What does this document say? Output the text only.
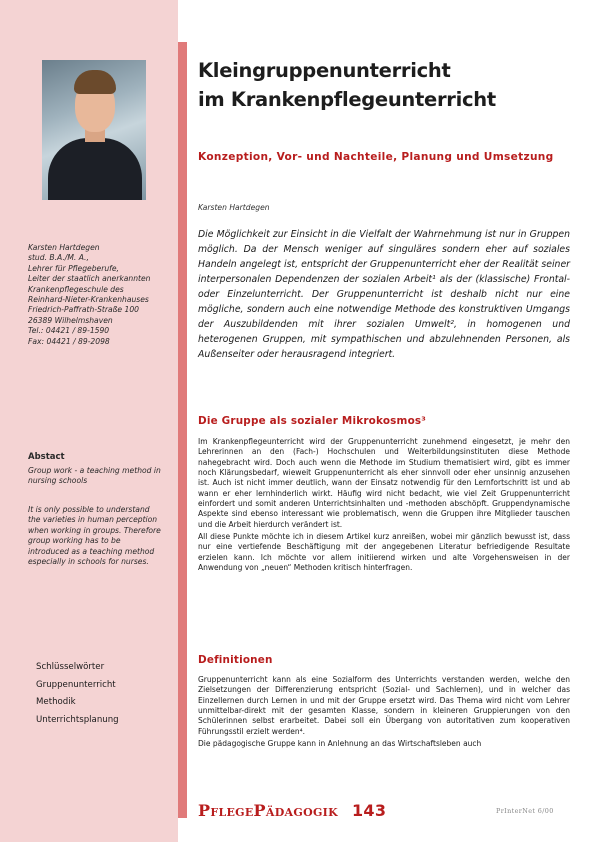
Karsten Hartdegen
stud. B.A./M. A.,
Lehrer für Pflegeberufe,
Leiter der staatlich anerkannten
Krankenpflegeschule des
Reinhard-Nieter-Krankenhauses
Friedrich-Paffrath-Straße 100
26389 Wilhelmshaven
Tel.: 04421 / 89-1590
Fax: 04421 / 89-2098
Abstact
Group work - a teaching method in nursing schools
It is only possible to understand the varieties in human perception when working in groups. Therefore group working has to be introduced as a teaching method especially in schools for nurses.
Schlüsselwörter
Gruppenunterricht
Methodik
Unterrichtsplanung
Kleingruppenunterricht
im Krankenpflegeunterricht
Konzeption, Vor- und Nachteile, Planung und Umsetzung
Karsten Hartdegen
Die Möglichkeit zur Einsicht in die Vielfalt der Wahrnehmung ist nur in Gruppen möglich. Da der Mensch weniger auf singuläres sondern eher auf soziales Handeln angelegt ist, entspricht der Gruppenunterricht eher der Realität seiner interpersonalen Dependenzen der sozialen Arbeit¹ als der (klassische) Frontal- oder Einzelunterricht. Der Gruppenunterricht ist deshalb nicht nur eine mögliche, sondern auch eine notwendige Methode des konstruktiven Umgangs der Auszubildenden mit ihrer sozialen Umwelt², in homogenen und heterogenen Gruppen, mit sympathischen und abzulehnenden Personen, als Außenseiter oder herausragend integriert.
Die Gruppe als sozialer Mikrokosmos³

Im Krankenpflegeunterricht wird der Gruppenunterricht zunehmend eingesetzt, je mehr den Lehrerinnen an den (Fach-) Hochschulen und Weiterbildungsinstituten diese Methode nahegebracht wird. Doch auch wenn die Methode im Studium thematisiert wird, gibt es immer noch Klärungsbedarf, wieweit Gruppenunterricht als eher sinnvoll oder eher unsinnig anzusehen ist. Auch ist nicht immer deutlich, wann der Einsatz notwendig für den Lernfortschritt ist und ab wann er eher lernhinderlich wirkt. Häufig wird nicht bedacht, wie viel Zeit Gruppenunterricht einfordert und somit anderen Unterrichtsinhalten und -methoden abschöpft. Gruppendynamische Aspekte sind ebenso interessant wie problematisch, wenn die Gruppen ihre Mitglieder tauschen und die Arbeit hierdurch verändert ist.

All diese Punkte möchte ich in diesem Artikel kurz anreißen, wobei mir gänzlich bewusst ist, dass nur eine vertiefende Beschäftigung mit der angegebenen Literatur befriedigende Resultate erzielen kann. Ich möchte vor allem initiierend wirken und alte Vorgehensweisen in der Anwendung von „neuen“ Methoden kritisch hinterfragen.

Definitionen

Gruppenunterricht kann als eine Sozialform des Unterrichts verstanden werden, welche den Zielsetzungen der Differenzierung entspricht (Sozial- und Sachlernen), und in welcher das Einzellernen durch Lernen in und mit der Gruppe ersetzt wird. Das Thema wird nicht vom Lehrer unmittelbar-direkt mit der gesamten Klasse, sondern in kleineren Gruppierungen von den Schülerinnen selbst erarbeitet. Dabei soll ein Übergang von autoritativen zum kooperativen Führungsstil erzielt werden⁴.

Die pädagogische Gruppe kann in Anlehnung an das Wirtschaftsleben auch

PflegePädagogik 143	PrInterNet 6/00
